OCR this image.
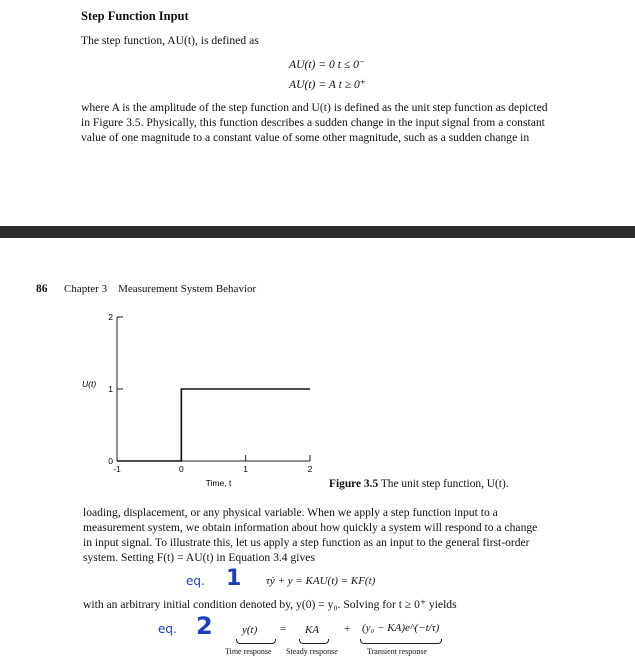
Step Function Input
The step function, AU(t), is defined as
AU(t) = 0 t ≤ 0⁻
AU(t) = A t ≥ 0⁺
where A is the amplitude of the step function and U(t) is defined as the unit step function as depicted
in Figure 3.5. Physically, this function describes a sudden change in the input signal from a constant
value of one magnitude to a constant value of some other magnitude, such as a sudden change in
86 Chapter 3 Measurement System Behavior
0
1
2
-1	0	1	2
U(t)
Time, t	Figure 3.5 The unit step function, U(t).
loading, displacement, or any physical variable. When we apply a step function input to a
measurement system, we obtain information about how quickly a system will respond to a change
in input signal. To illustrate this, let us apply a step function as an input to the general first-order
system. Setting F(t) = AU(t) in Equation 3.4 gives
eq. 1 τẏ + y = KAU(t) = KF(t)
with an arbitrary initial condition denoted by, y(0) = y₀. Solving for t ≥ 0⁺ yields
eq. 2	y(t) = KA + (y₀ − KA)e^(−t/τ)
Time response Steady response	Transient response
